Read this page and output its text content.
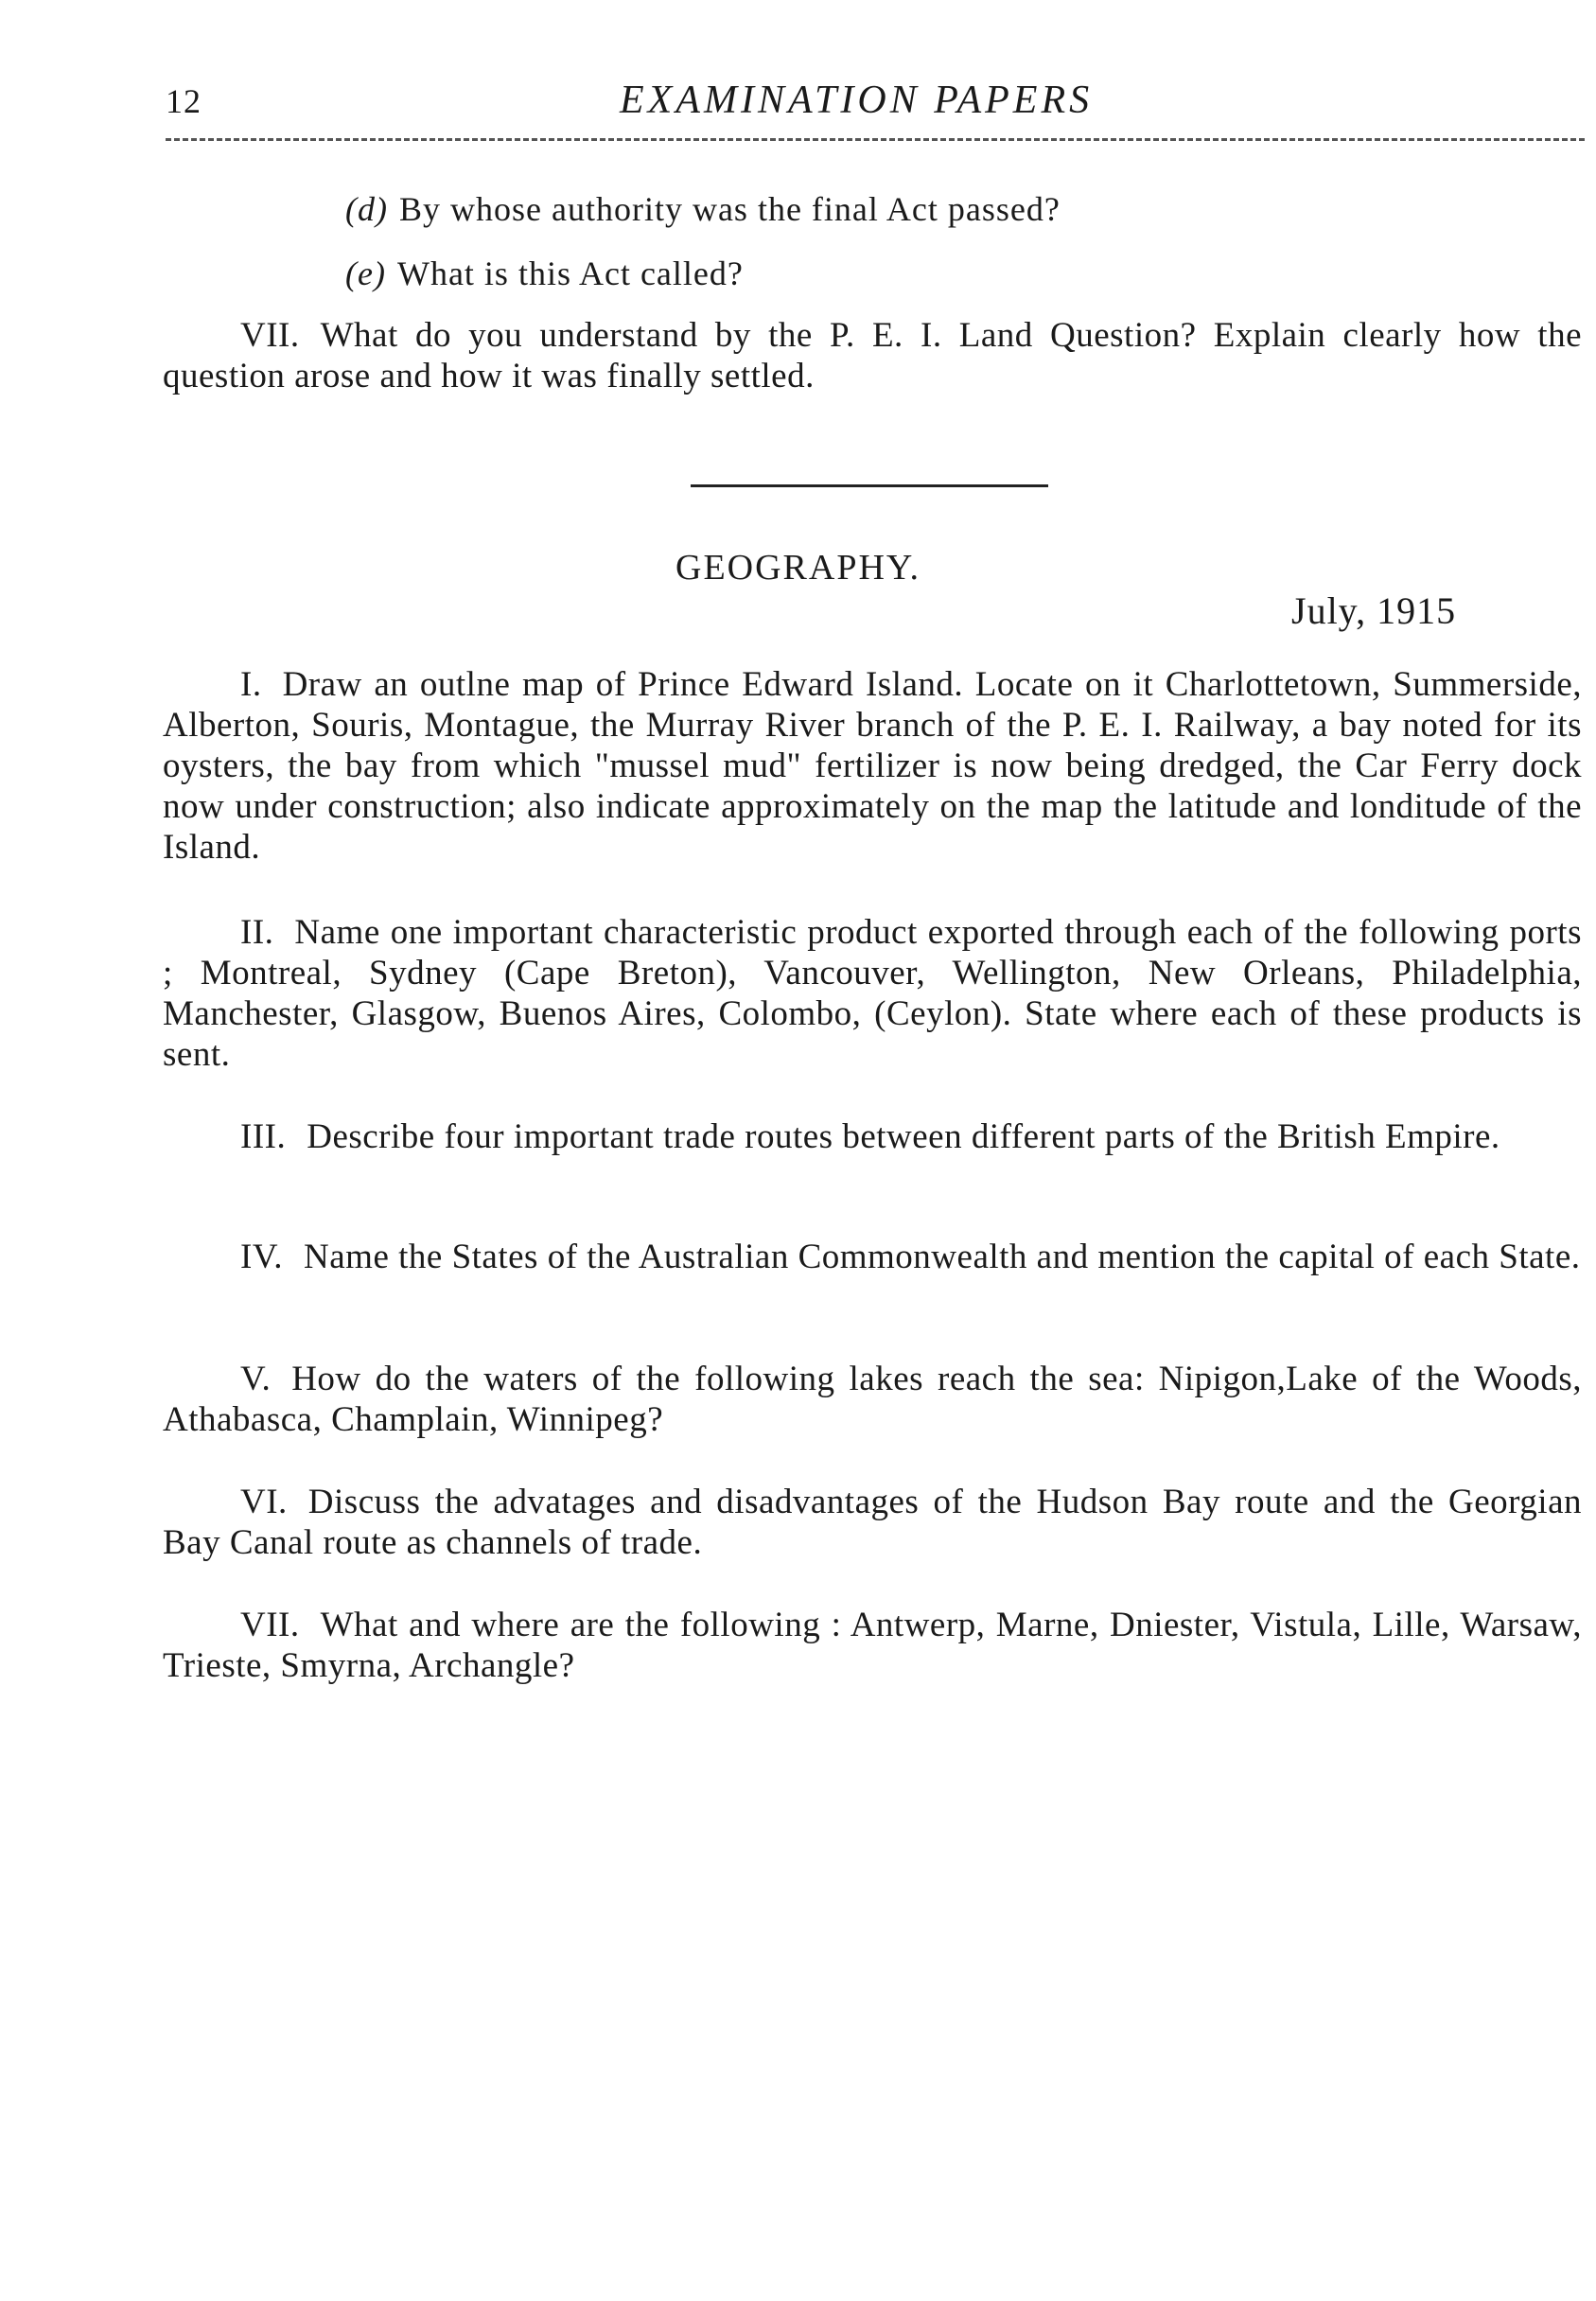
12	EXAMINATION PAPERS
(d) By whose authority was the final Act passed?
(e) What is this Act called?

VII. What do you understand by the P. E. I. Land Question? Explain clearly how the question arose and how it was finally settled.

GEOGRAPHY.
July, 1915

I. Draw an outlne map of Prince Edward Island. Locate on it Charlottetown, Summerside, Alberton, Souris, Montague, the Murray River branch of the P. E. I. Railway, a bay noted for its oysters, the bay from which "mussel mud" fertilizer is now being dredged, the Car Ferry dock now under construction; also indicate approximately on the map the latitude and londitude of the Island.

II. Name one important characteristic product exported through each of the following ports ; Montreal, Sydney (Cape Breton), Vancouver, Wellington, New Orleans, Philadelphia, Manchester, Glasgow, Buenos Aires, Colombo, (Ceylon). State where each of these products is sent.

III. Describe four important trade routes between different parts of the British Empire.

IV. Name the States of the Australian Commonwealth and mention the capital of each State.

V. How do the waters of the following lakes reach the sea: Nipigon,Lake of the Woods, Athabasca, Champlain, Winnipeg?

VI. Discuss the advatages and disadvantages of the Hudson Bay route and the Georgian Bay Canal route as channels of trade.

VII. What and where are the following : Antwerp, Marne, Dniester, Vistula, Lille, Warsaw, Trieste, Smyrna, Archangle?
